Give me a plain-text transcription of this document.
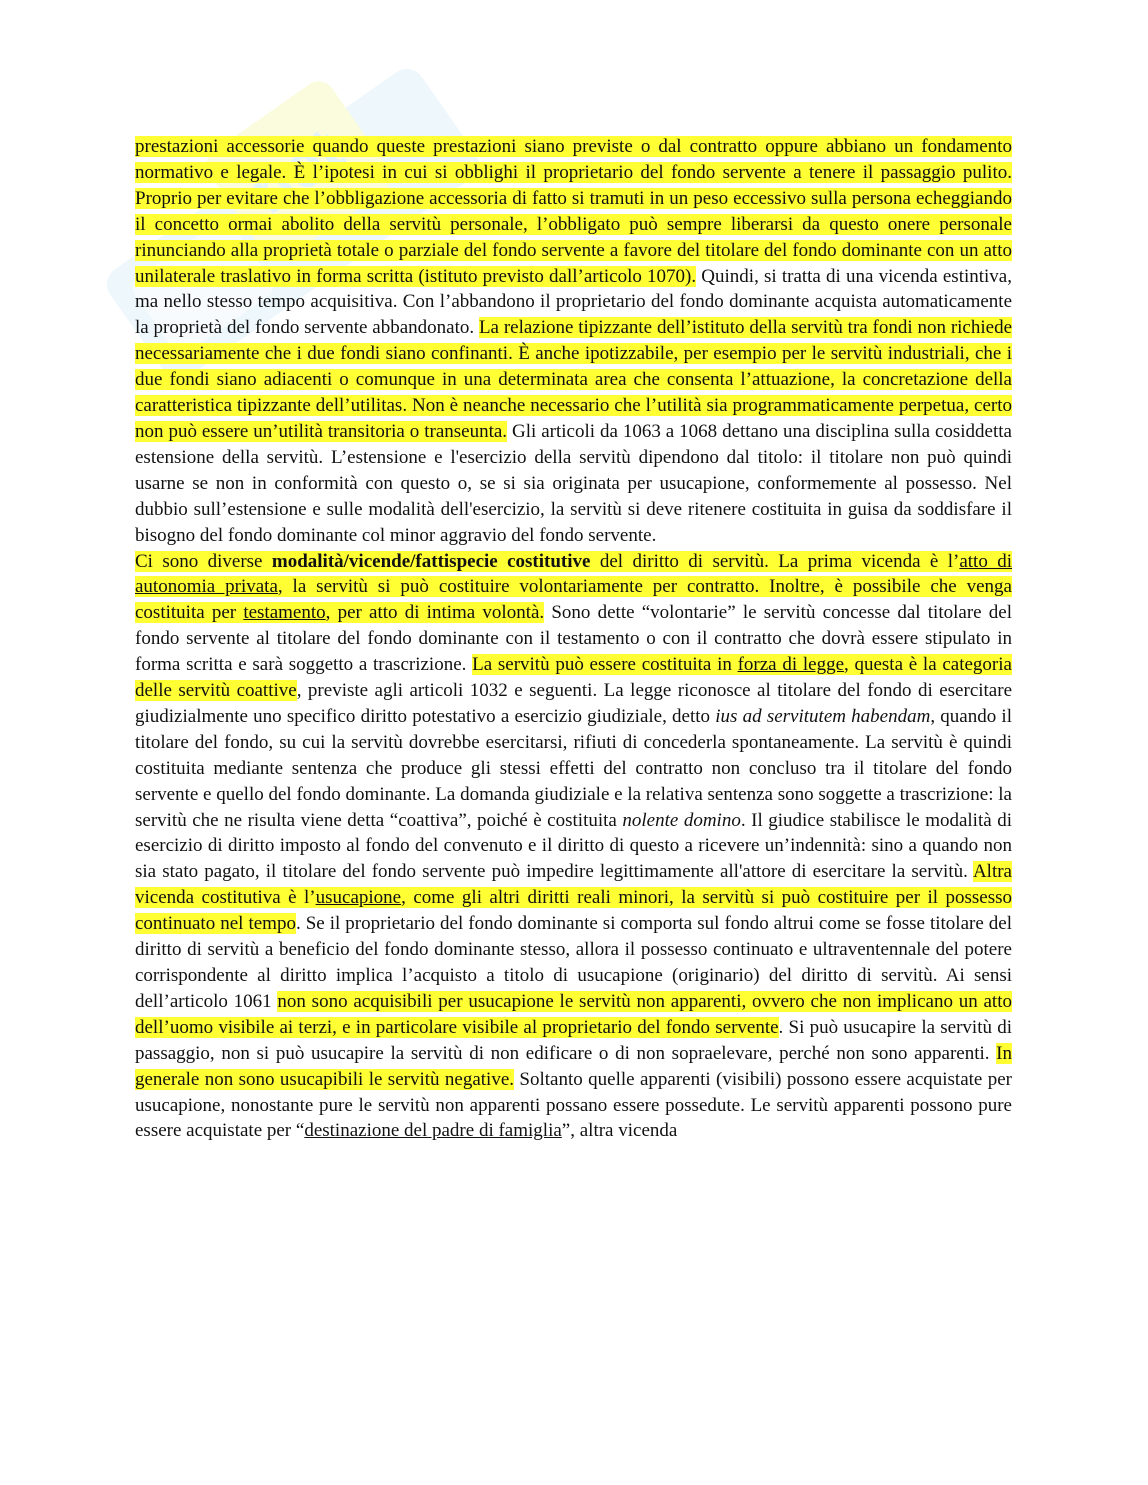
prestazioni accessorie quando queste prestazioni siano previste o dal contratto oppure abbiano un fondamento normativo e legale. È l’ipotesi in cui si obblighi il proprietario del fondo servente a tenere il passaggio pulito. Proprio per evitare che l’obbligazione accessoria di fatto si tramuti in un peso eccessivo sulla persona echeggiando il concetto ormai abolito della servitù personale, l’obbligato può sempre liberarsi da questo onere personale rinunciando alla proprietà totale o parziale del fondo servente a favore del titolare del fondo dominante con un atto unilaterale traslativo in forma scritta (istituto previsto dall’articolo 1070). Quindi, si tratta di una vicenda estintiva, ma nello stesso tempo acquisitiva. Con l’abbandono il proprietario del fondo dominante acquista automaticamente la proprietà del fondo servente abbandonato. La relazione tipizzante dell’istituto della servitù tra fondi non richiede necessariamente che i due fondi siano confinanti. È anche ipotizzabile, per esempio per le servitù industriali, che i due fondi siano adiacenti o comunque in una determinata area che consenta l’attuazione, la concretazione della caratteristica tipizzante dell’utilitas. Non è neanche necessario che l’utilità sia programmaticamente perpetua, certo non può essere un’utilità transitoria o transeunta. Gli articoli da 1063 a 1068 dettano una disciplina sulla cosiddetta estensione della servitù. L’estensione e l'esercizio della servitù dipendono dal titolo: il titolare non può quindi usarne se non in conformità con questo o, se si sia originata per usucapione, conformemente al possesso. Nel dubbio sull’estensione e sulle modalità dell'esercizio, la servitù si deve ritenere costituita in guisa da soddisfare il bisogno del fondo dominante col minor aggravio del fondo servente.

Ci sono diverse modalità/vicende/fattispecie costitutive del diritto di servitù. La prima vicenda è l’atto di autonomia privata, la servitù si può costituire volontariamente per contratto. Inoltre, è possibile che venga costituita per testamento, per atto di intima volontà. Sono dette “volontarie” le servitù concesse dal titolare del fondo servente al titolare del fondo dominante con il testamento o con il contratto che dovrà essere stipulato in forma scritta e sarà soggetto a trascrizione. La servitù può essere costituita in forza di legge, questa è la categoria delle servitù coattive, previste agli articoli 1032 e seguenti. La legge riconosce al titolare del fondo di esercitare giudizialmente uno specifico diritto potestativo a esercizio giudiziale, detto ius ad servitutem habendam, quando il titolare del fondo, su cui la servitù dovrebbe esercitarsi, rifiuti di concederla spontaneamente. La servitù è quindi costituita mediante sentenza che produce gli stessi effetti del contratto non concluso tra il titolare del fondo servente e quello del fondo dominante. La domanda giudiziale e la relativa sentenza sono soggette a trascrizione: la servitù che ne risulta viene detta “coattiva”, poiché è costituita nolente domino. Il giudice stabilisce le modalità di esercizio di diritto imposto al fondo del convenuto e il diritto di questo a ricevere un’indennità: sino a quando non sia stato pagato, il titolare del fondo servente può impedire legittimamente all'attore di esercitare la servitù. Altra vicenda costitutiva è l’usucapione, come gli altri diritti reali minori, la servitù si può costituire per il possesso continuato nel tempo. Se il proprietario del fondo dominante si comporta sul fondo altrui come se fosse titolare del diritto di servitù a beneficio del fondo dominante stesso, allora il possesso continuato e ultraventennale del potere corrispondente al diritto implica l’acquisto a titolo di usucapione (originario) del diritto di servitù. Ai sensi dell’articolo 1061 non sono acquisibili per usucapione le servitù non apparenti, ovvero che non implicano un atto dell’uomo visibile ai terzi, e in particolare visibile al proprietario del fondo servente. Si può usucapire la servitù di passaggio, non si può usucapire la servitù di non edificare o di non sopraelevare, perché non sono apparenti. In generale non sono usucapibili le servitù negative. Soltanto quelle apparenti (visibili) possono essere acquistate per usucapione, nonostante pure le servitù non apparenti possano essere possedute. Le servitù apparenti possono pure essere acquistate per “destinazione del padre di famiglia”, altra vicenda
